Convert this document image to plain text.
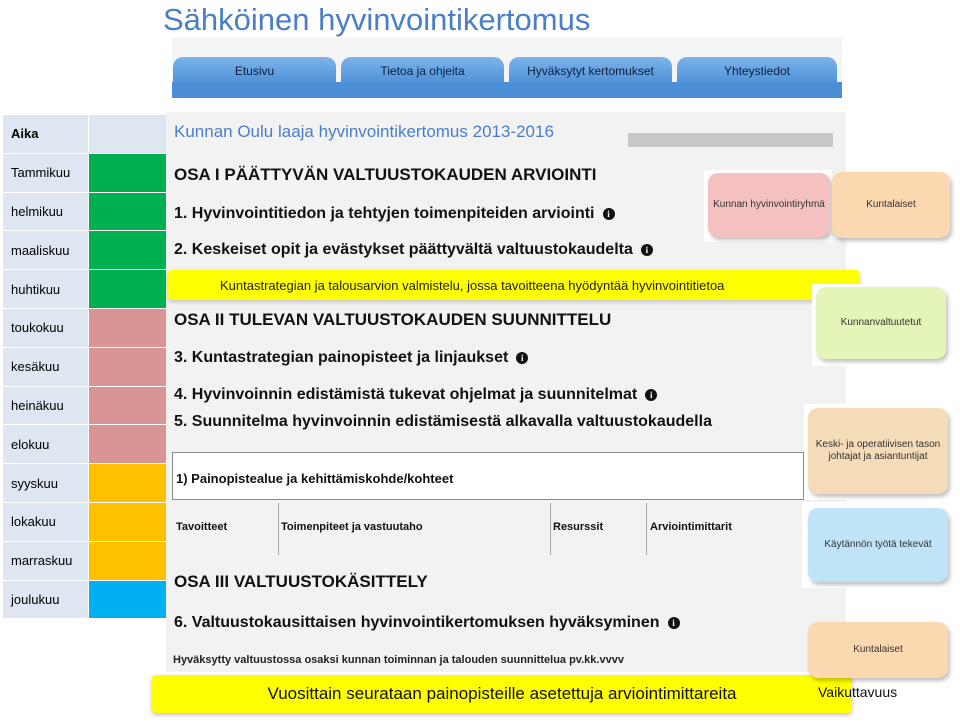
Sähköinen hyvinvointikertomus
Etusivu	Tietoa ja ohjeita	Hyväksytyt kertomukset	Yhteystiedot
Aika
Tammikuu
helmikuu
maaliskuu
huhtikuu
toukokuu
kesäkuu
heinäkuu
elokuu
syyskuu
lokakuu
marraskuu
joulukuu
Kunnan Oulu laaja hyvinvointikertomus 2013-2016
OSA I PÄÄTTYVÄN VALTUUSTOKAUDEN ARVIOINTI
1. Hyvinvointitiedon ja tehtyjen toimenpiteiden arviointi i
2. Keskeiset opit ja evästykset päättyvältä valtuustokaudelta i
Kuntastrategian ja talousarvion valmistelu, jossa tavoitteena hyödyntää hyvinvointitietoa
OSA II TULEVAN VALTUUSTOKAUDEN SUUNNITTELU
3. Kuntastrategian painopisteet ja linjaukset i
4. Hyvinvoinnin edistämistä tukevat ohjelmat ja suunnitelmat i
5. Suunnitelma hyvinvoinnin edistämisestä alkavalla valtuustokaudella
1) Painopistealue ja kehittämiskohde/kohteet
Tavoitteet	Toimenpiteet ja vastuutaho	Resurssit	Arviointimittarit
OSA III VALTUUSTOKÄSITTELY
6. Valtuustokausittaisen hyvinvointikertomuksen hyväksyminen i
Hyväksytty valtuustossa osaksi kunnan toiminnan ja talouden suunnittelua pv.kk.vvvv
Vuosittain seurataan painopisteille asetettuja arviointimittareita	Vaikuttavuus
Kunnan hyvinvointiryhmä	Kuntalaiset
Kunnanvaltuutetut
Keski- ja operatiivisen tason johtajat ja asiantuntijat
Käytännön työtä tekevät
Kuntalaiset
